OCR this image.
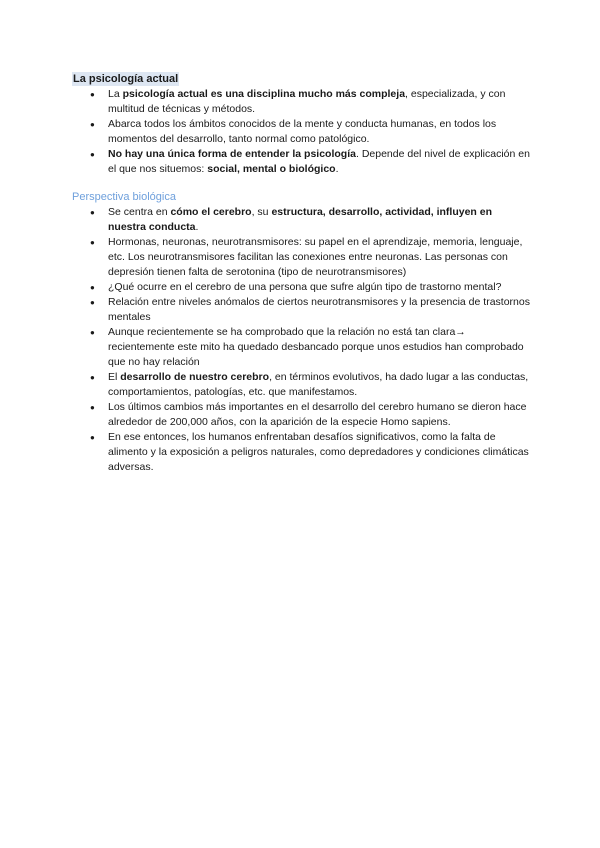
La psicología actual
● La psicología actual es una disciplina mucho más compleja, especializada, y con multitud de técnicas y métodos.
● Abarca todos los ámbitos conocidos de la mente y conducta humanas, en todos los momentos del desarrollo, tanto normal como patológico.
● No hay una única forma de entender la psicología. Depende del nivel de explicación en el que nos situemos: social, mental o biológico.
Perspectiva biológica
● Se centra en cómo el cerebro, su estructura, desarrollo, actividad, influyen en nuestra conducta.
● Hormonas, neuronas, neurotransmisores: su papel en el aprendizaje, memoria, lenguaje, etc. Los neurotransmisores facilitan las conexiones entre neuronas. Las personas con depresión tienen falta de serotonina (tipo de neurotransmisores)
● ¿Qué ocurre en el cerebro de una persona que sufre algún tipo de trastorno mental?
● Relación entre niveles anómalos de ciertos neurotransmisores y la presencia de trastornos mentales
● Aunque recientemente se ha comprobado que la relación no está tan clara→ recientemente este mito ha quedado desbancado porque unos estudios han comprobado que no hay relación
● El desarrollo de nuestro cerebro, en términos evolutivos, ha dado lugar a las conductas, comportamientos, patologías, etc. que manifestamos.
● Los últimos cambios más importantes en el desarrollo del cerebro humano se dieron hace alrededor de 200,000 años, con la aparición de la especie Homo sapiens.
● En ese entonces, los humanos enfrentaban desafíos significativos, como la falta de alimento y la exposición a peligros naturales, como depredadores y condiciones climáticas adversas.
